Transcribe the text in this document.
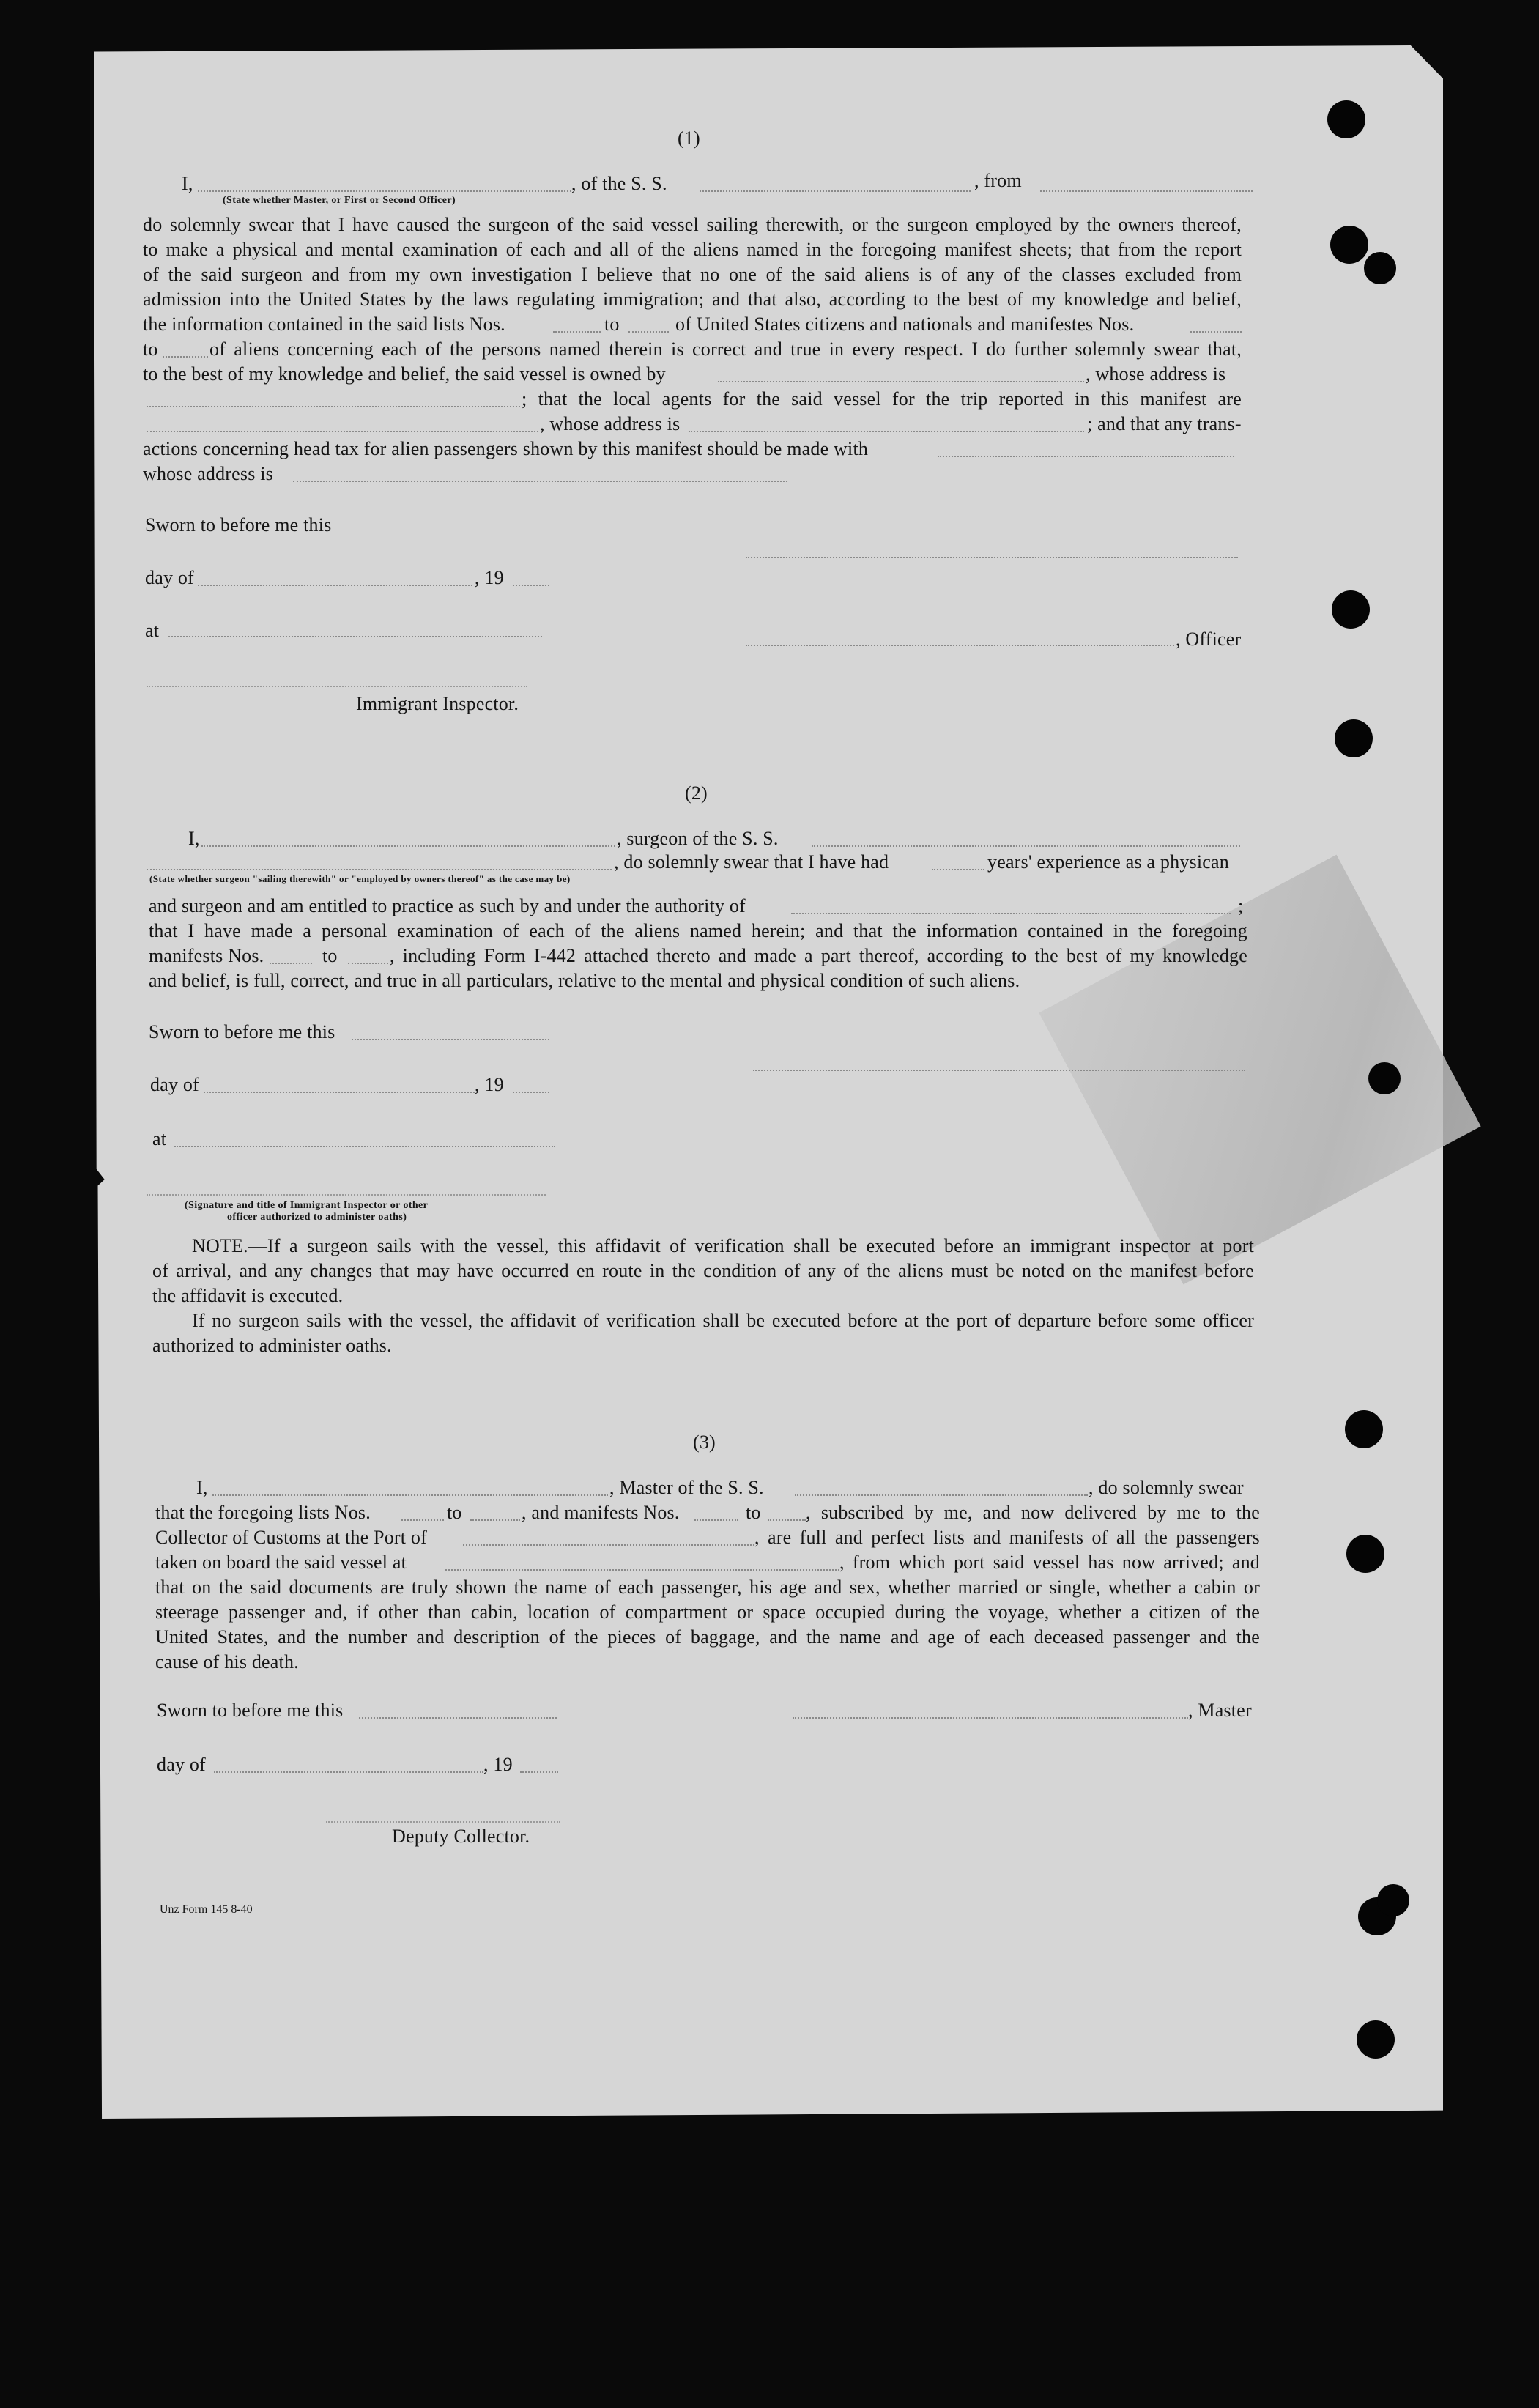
(1)
I,	, of the S. S.	, from
(State whether Master, or First or Second Officer)
do solemnly swear that I have caused the surgeon of the said vessel sailing therewith, or the surgeon employed by the owners thereof,
to make a physical and mental examination of each and all of the aliens named in the foregoing manifest sheets; that from the report
of the said surgeon and from my own investigation I believe that no one of the said aliens is of any of the classes excluded from
admission into the United States by the laws regulating immigration; and that also, according to the best of my knowledge and belief,
the information contained in the said lists Nos.	to	of United States citizens and nationals and manifestes Nos.
to	of aliens concerning each of the persons named therein is correct and true in every respect. I do further solemnly swear that,
to the best of my knowledge and belief, the said vessel is owned by	, whose address is
; that the local agents for the said vessel for the trip reported in this manifest are
, whose address is	; and that any trans-
actions concerning head tax for alien passengers shown by this manifest should be made with
whose address is
Sworn to before me this
day of	, 19
at	, Officer
Immigrant Inspector.
(2)
I,	, surgeon of the S. S.
, do solemnly swear that I have had	years' experience as a physican
(State whether surgeon "sailing therewith" or "employed by owners thereof" as the case may be)
and surgeon and am entitled to practice as such by and under the authority of	;
that I have made a personal examination of each of the aliens named herein; and that the information contained in the foregoing
manifests Nos.	to	, including Form I-442 attached thereto and made a part thereof, according to the best of my knowledge
and belief, is full, correct, and true in all particulars, relative to the mental and physical condition of such aliens.
Sworn to before me this
day of	, 19
at
(Signature and title of Immigrant Inspector or other
officer authorized to administer oaths)
NOTE.—If a surgeon sails with the vessel, this affidavit of verification shall be executed before an immigrant inspector at port
of arrival, and any changes that may have occurred en route in the condition of any of the aliens must be noted on the manifest before
the affidavit is executed.
If no surgeon sails with the vessel, the affidavit of verification shall be executed before at the port of departure before some officer
authorized to administer oaths.
(3)
I,	, Master of the S. S.	, do solemnly swear
that the foregoing lists Nos.	to	, and manifests Nos.	to , subscribed by me, and now delivered by me to the
Collector of Customs at the Port of	, are full and perfect lists and manifests of all the passengers
taken on board the said vessel at	, from which port said vessel has now arrived; and
that on the said documents are truly shown the name of each passenger, his age and sex, whether married or single, whether a cabin or
steerage passenger and, if other than cabin, location of compartment or space occupied during the voyage, whether a citizen of the
United States, and the number and description of the pieces of baggage, and the name and age of each deceased passenger and the
cause of his death.
Sworn to before me this	, Master
day of	, 19
Deputy Collector.
Unz Form 145 8-40
